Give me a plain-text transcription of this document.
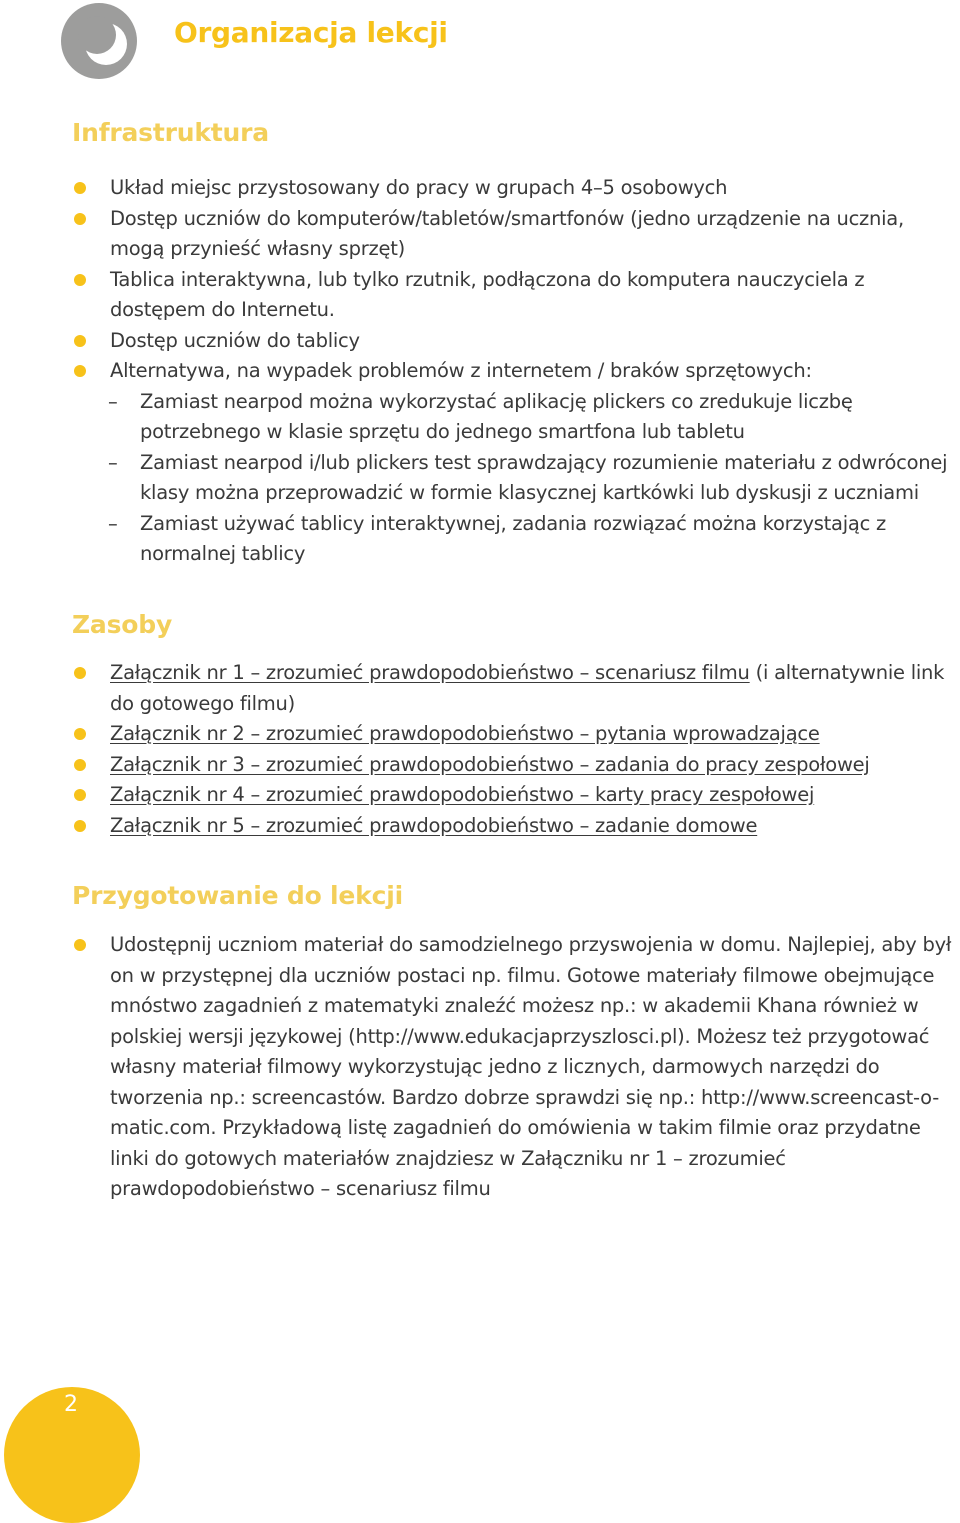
Organizacja lekcji
Infrastruktura
Układ miejsc przystosowany do pracy w grupach 4–5 osobowych
Dostęp uczniów do komputerów/tabletów/smartfonów (jedno urządzenie na ucznia, mogą przynieść własny sprzęt)
Tablica interaktywna, lub tylko rzutnik, podłączona do komputera nauczyciela z dostępem do Internetu.
Dostęp uczniów do tablicy
Alternatywa, na wypadek problemów z internetem / braków sprzętowych:
– Zamiast nearpod można wykorzystać aplikację plickers co zredukuje liczbę potrzebnego w klasie sprzętu do jednego smartfona lub tabletu
– Zamiast nearpod i/lub plickers test sprawdzający rozumienie materiału z odwróconej klasy można przeprowadzić w formie klasycznej kartkówki lub dyskusji z uczniami
– Zamiast używać tablicy interaktywnej, zadania rozwiązać można korzystając z normalnej tablicy
Zasoby
Załącznik nr 1 – zrozumieć prawdopodobieństwo – scenariusz filmu (i alternatywnie link do gotowego filmu)
Załącznik nr 2 – zrozumieć prawdopodobieństwo – pytania wprowadzające
Załącznik nr 3 – zrozumieć prawdopodobieństwo – zadania do pracy zespołowej
Załącznik nr 4 – zrozumieć prawdopodobieństwo – karty pracy zespołowej
Załącznik nr 5 – zrozumieć prawdopodobieństwo – zadanie domowe
Przygotowanie do lekcji
Udostępnij uczniom materiał do samodzielnego przyswojenia w domu. Najlepiej, aby był on w przystępnej dla uczniów postaci np. filmu. Gotowe materiały filmowe obejmujące mnóstwo zagadnień z matematyki znaleźć możesz np.: w akademii Khana również w polskiej wersji językowej (http://www.edukacjaprzyszlosci.pl). Możesz też przygotować własny materiał filmowy wykorzystując jedno z licznych, darmowych narzędzi do tworzenia np.: screencastów. Bardzo dobrze sprawdzi się np.: http://www.screencast-o-matic.com. Przykładową listę zagadnień do omówienia w takim filmie oraz przydatne linki do gotowych materiałów znajdziesz w Załączniku nr 1 – zrozumieć prawdopodobieństwo – scenariusz filmu
2
